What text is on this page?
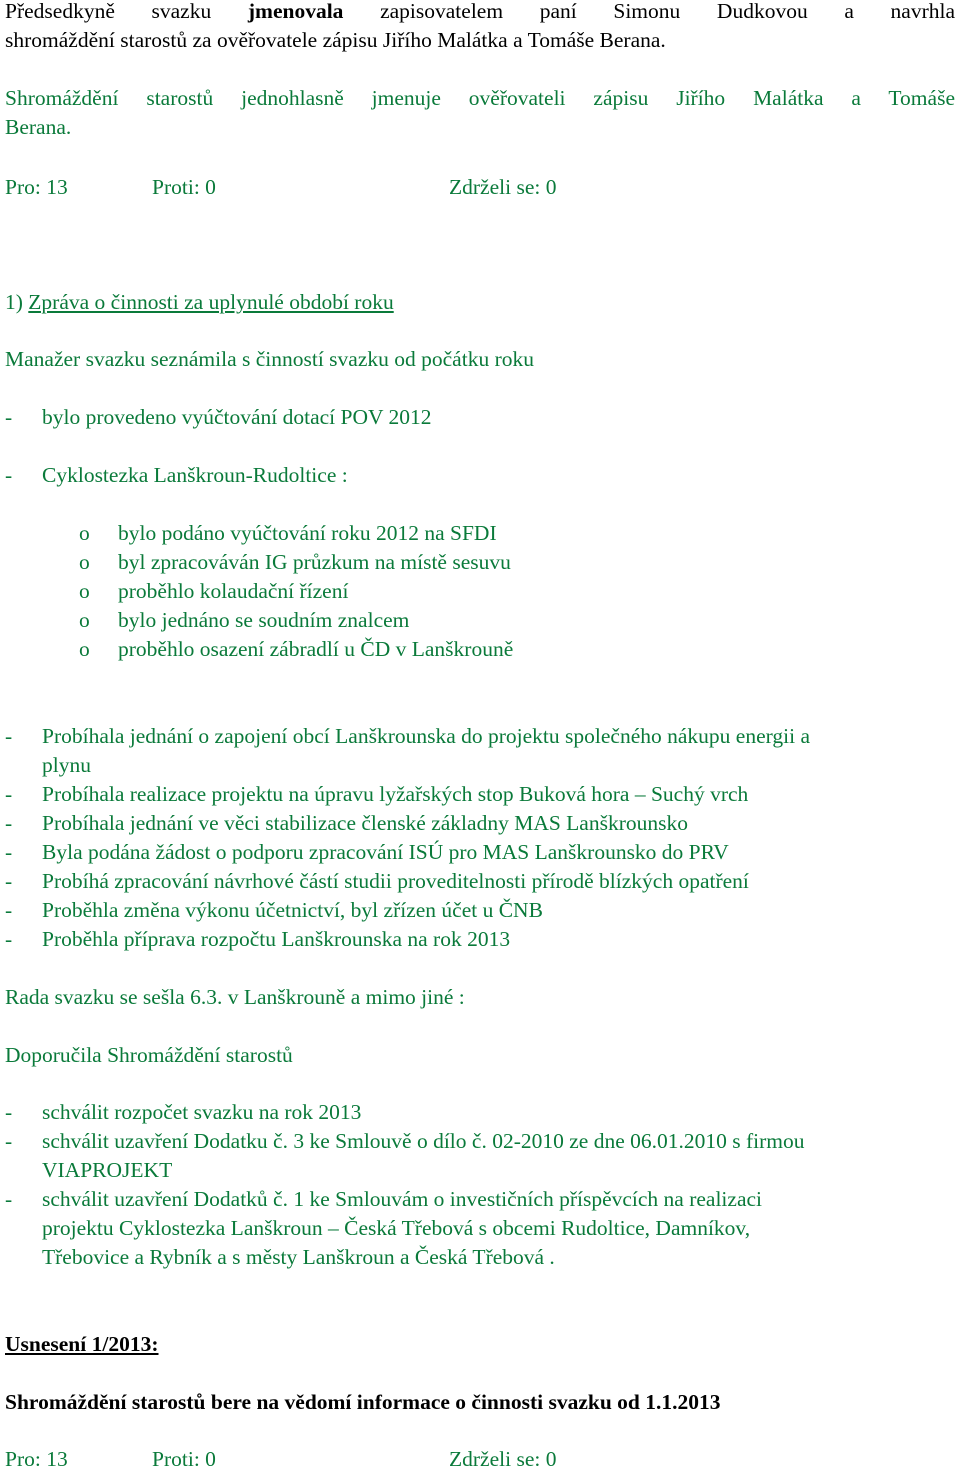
Předsedkyně svazku jmenovala zapisovatelem paní Simonu Dudkovou a navrhla
shromáždění starostů za ověřovatele zápisu Jiřího Malátka a Tomáše Berana.
Shromáždění starostů jednohlasně jmenuje ověřovateli zápisu Jiřího Malátka a Tomáše
Berana.
Pro: 13	Proti: 0	Zdrželi se: 0
1) Zpráva o činnosti za uplynulé období roku
Manažer svazku seznámila s činností svazku od počátku roku
- bylo provedeno vyúčtování dotací POV 2012
- Cyklostezka Lanškroun-Rudoltice :
o bylo podáno vyúčtování roku 2012 na SFDI
o byl zpracováván IG průzkum na místě sesuvu
o proběhlo kolaudační řízení
o bylo jednáno se soudním znalcem
o proběhlo osazení zábradlí u ČD v Lanškrouně
- Probíhala jednání o zapojení obcí Lanškrounska do projektu společného nákupu energii a
plynu
- Probíhala realizace projektu na úpravu lyžařských stop Buková hora – Suchý vrch
- Probíhala jednání ve věci stabilizace členské základny MAS Lanškrounsko
- Byla podána žádost o podporu zpracování ISÚ pro MAS Lanškrounsko do PRV
- Probíhá zpracování návrhové částí studii proveditelnosti přírodě blízkých opatření
- Proběhla změna výkonu účetnictví, byl zřízen účet u ČNB
- Proběhla příprava rozpočtu Lanškrounska na rok 2013
Rada svazku se sešla 6.3. v Lanškrouně a mimo jiné :
Doporučila Shromáždění starostů
- schválit rozpočet svazku na rok 2013
- schválit uzavření Dodatku č. 3 ke Smlouvě o dílo č. 02-2010 ze dne 06.01.2010 s firmou
VIAPROJEKT
- schválit uzavření Dodatků č. 1 ke Smlouvám o investičních příspěvcích na realizaci
projektu Cyklostezka Lanškroun – Česká Třebová s obcemi Rudoltice, Damníkov,
Třebovice a Rybník a s městy Lanškroun a Česká Třebová .
Usnesení 1/2013:
Shromáždění starostů bere na vědomí informace o činnosti svazku od 1.1.2013
Pro: 13	Proti: 0	Zdrželi se: 0
